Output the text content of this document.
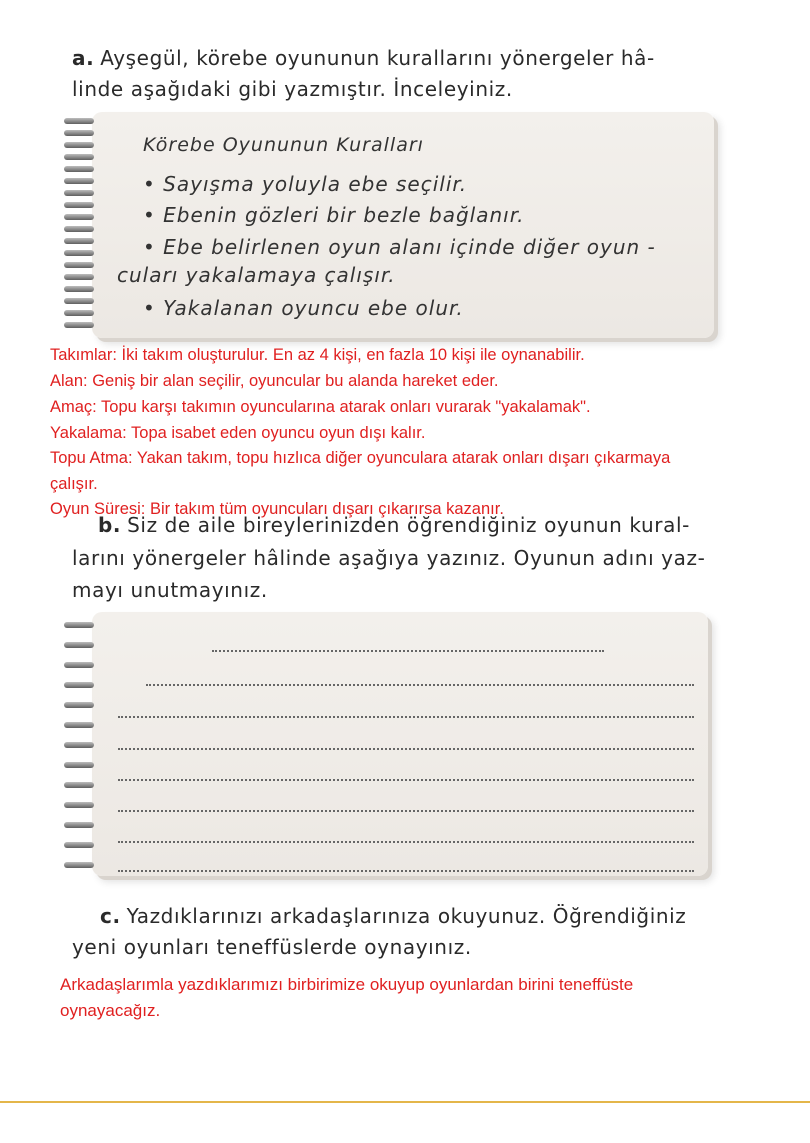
a. Ayşegül, körebe oyununun kurallarını yönergeler hâ-
linde aşağıdaki gibi yazmıştır. İnceleyiniz.
Körebe Oyununun Kuralları
• Sayışma yoluyla ebe seçilir.
• Ebenin gözleri bir bezle bağlanır.
• Ebe belirlenen oyun alanı içinde diğer oyun -
cuları yakalamaya çalışır.
• Yakalanan oyuncu ebe olur.
Takımlar: İki takım oluşturulur. En az 4 kişi, en fazla 10 kişi ile oynanabilir.
Alan: Geniş bir alan seçilir, oyuncular bu alanda hareket eder.
Amaç: Topu karşı takımın oyuncularına atarak onları vurarak "yakalamak".
Yakalama: Topa isabet eden oyuncu oyun dışı kalır.
Topu Atma: Yakan takım, topu hızlıca diğer oyunculara atarak onları dışarı çıkarmaya
çalışır.
Oyun Süresi: Bir takım tüm oyuncuları dışarı çıkarırsa kazanır.
b. Siz de aile bireylerinizden öğrendiğiniz oyunun kural-
larını yönergeler hâlinde aşağıya yazınız. Oyunun adını yaz-
mayı unutmayınız.
c. Yazdıklarınızı arkadaşlarınıza okuyunuz. Öğrendiğiniz
yeni oyunları teneffüslerde oynayınız.
Arkadaşlarımla yazdıklarımızı birbirimize okuyup oyunlardan birini teneffüste
oynayacağız.
